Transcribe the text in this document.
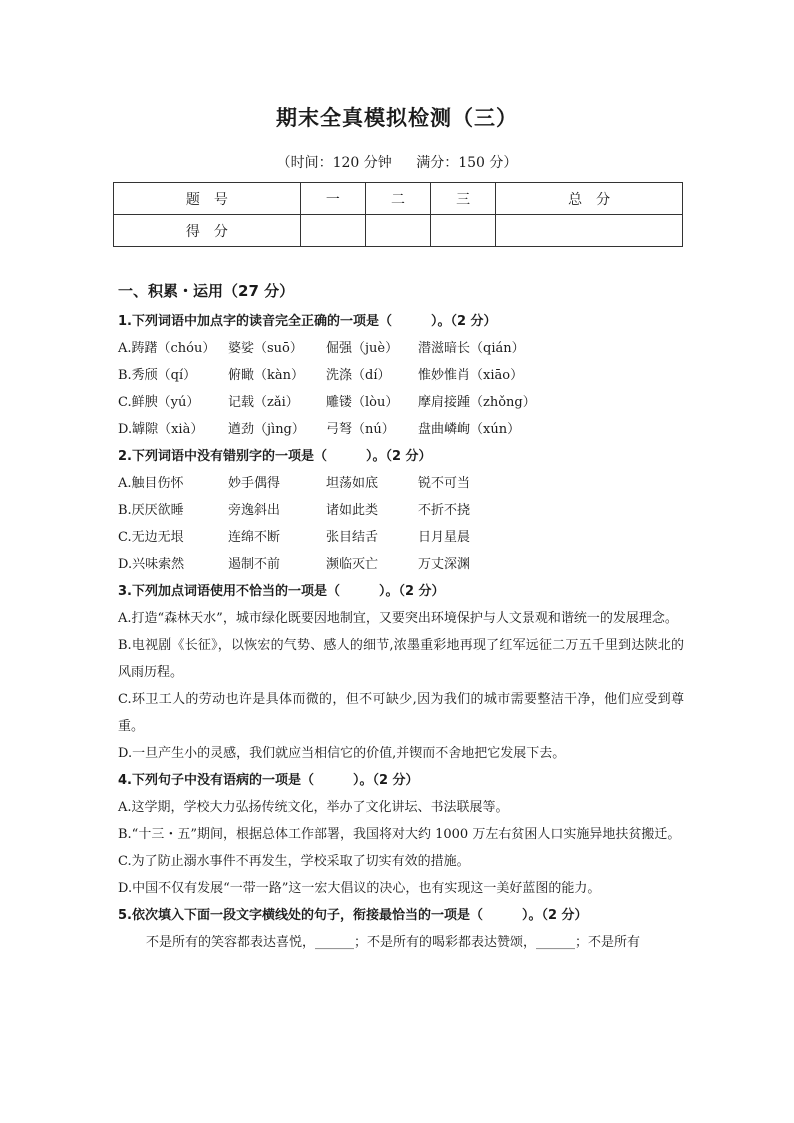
期末全真模拟检测（三）
（时间：120 分钟 满分：150 分）
题　号	一	二	三	总　分
得　分				
一、积累・运用（27 分）
1.下列词语中加点字的读音完全正确的一项是（　　　）。（2 分）
A.踌躇（chóu） 婆娑（suō） 倔强（juè） 潜滋暗长（qián）
B.秀颀（qí） 俯瞰（kàn） 洗涤（dí） 惟妙惟肖（xiāo）
C.鲜腴（yú） 记载（zǎi） 雕镂（lòu） 摩肩接踵（zhǒng）
D.罅隙（xià） 遒劲（jìng） 弓弩（nú） 盘曲嶙峋（xún）
2.下列词语中没有错别字的一项是（　　　）。（2 分）
A.触目伤怀	妙手偶得	坦荡如底	锐不可当
B.厌厌欲睡	旁逸斜出	诸如此类	不折不挠
C.无边无垠	连绵不断	张目结舌	日月星晨
D.兴味索然	遏制不前	濒临灭亡	万丈深渊
3.下列加点词语使用不恰当的一项是（　　　）。（2 分）
A.打造“森林天水”，城市绿化既要因地制宜，又要突出环境保护与人文景观和谐统一的发展理念。
B.电视剧《长征》，以恢宏的气势、感人的细节,浓墨重彩地再现了红军远征二万五千里到达陕北的风雨历程。
C.环卫工人的劳动也许是具体而微的，但不可缺少,因为我们的城市需要整洁干净，他们应受到尊重。
D.一旦产生小的灵感，我们就应当相信它的价值,并锲而不舍地把它发展下去。
4.下列句子中没有语病的一项是（　　　）。（2 分）
A.这学期，学校大力弘扬传统文化，举办了文化讲坛、书法联展等。
B.“十三・五”期间，根据总体工作部署，我国将对大约 1000 万左右贫困人口实施异地扶贫搬迁。
C.为了防止溺水事件不再发生，学校采取了切实有效的措施。
D.中国不仅有发展“一带一路”这一宏大倡议的决心，也有实现这一美好蓝图的能力。
5.依次填入下面一段文字横线处的句子，衔接最恰当的一项是（　　　）。（2 分）
不是所有的笑容都表达喜悦，______；不是所有的喝彩都表达赞颂，______；不是所有
